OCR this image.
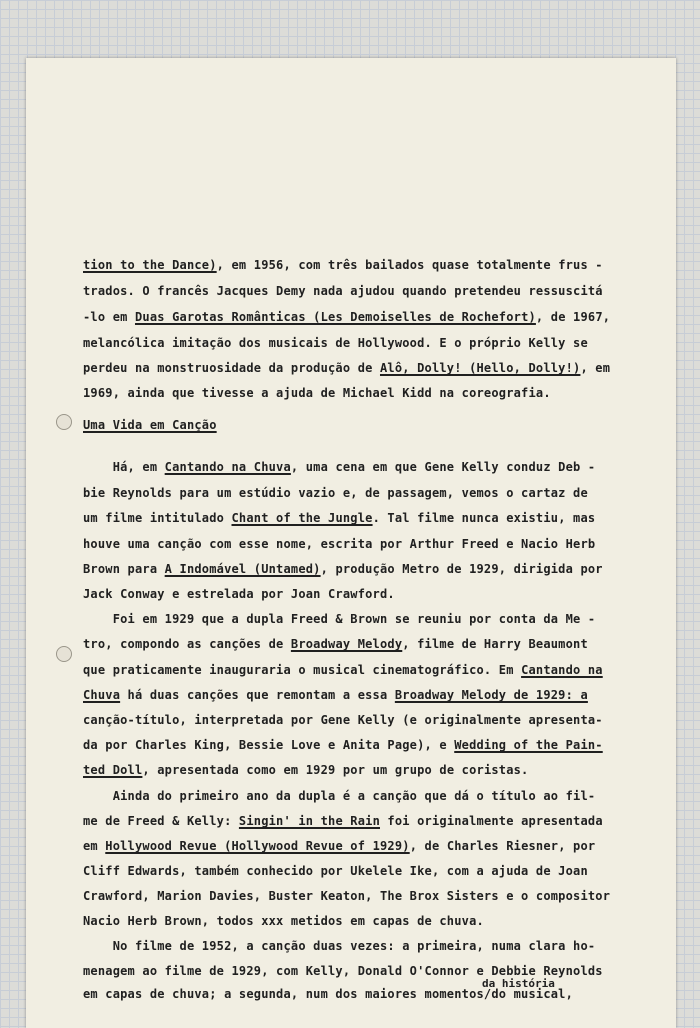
tion to the Dance), em 1956, com três bailados quase totalmente frus -

trados. O francês Jacques Demy nada ajudou quando pretendeu ressuscitá

-lo em Duas Garotas Românticas (Les Demoiselles de Rochefort), de 1967,

melancólica imitação dos musicais de Hollywood. E o próprio Kelly se

perdeu na monstruosidade da produção de Alô, Dolly! (Hello, Dolly!), em

1969, ainda que tivesse a ajuda de Michael Kidd na coreografia.

Uma Vida em Canção

Há, em Cantando na Chuva, uma cena em que Gene Kelly conduz Deb -

bie Reynolds para um estúdio vazio e, de passagem, vemos o cartaz de

um filme intitulado Chant of the Jungle. Tal filme nunca existiu, mas

houve uma canção com esse nome, escrita por Arthur Freed e Nacio Herb

Brown para A Indomável (Untamed), produção Metro de 1929, dirigida por

Jack Conway e estrelada por Joan Crawford.

Foi em 1929 que a dupla Freed & Brown se reuniu por conta da Me -

tro, compondo as canções de Broadway Melody, filme de Harry Beaumont

que praticamente inauguraria o musical cinematográfico. Em Cantando na

Chuva há duas canções que remontam a essa Broadway Melody de 1929: a

canção-título, interpretada por Gene Kelly (e originalmente apresenta-

da por Charles King, Bessie Love e Anita Page), e Wedding of the Pain-

ted Doll, apresentada como em 1929 por um grupo de coristas.

Ainda do primeiro ano da dupla é a canção que dá o título ao fil-

me de Freed & Kelly: Singin' in the Rain foi originalmente apresentada

em Hollywood Revue (Hollywood Revue of 1929), de Charles Riesner, por

Cliff Edwards, também conhecido por Ukelele Ike, com a ajuda de Joan

Crawford, Marion Davies, Buster Keaton, The Brox Sisters e o compositor

Nacio Herb Brown, todos xxx metidos em capas de chuva.

No filme de 1952, a canção duas vezes: a primeira, numa clara ho-

menagem ao filme de 1929, com Kelly, Donald O'Connor e Debbie Reynolds

da história

em capas de chuva; a segunda, num dos maiores momentos/do musical,
